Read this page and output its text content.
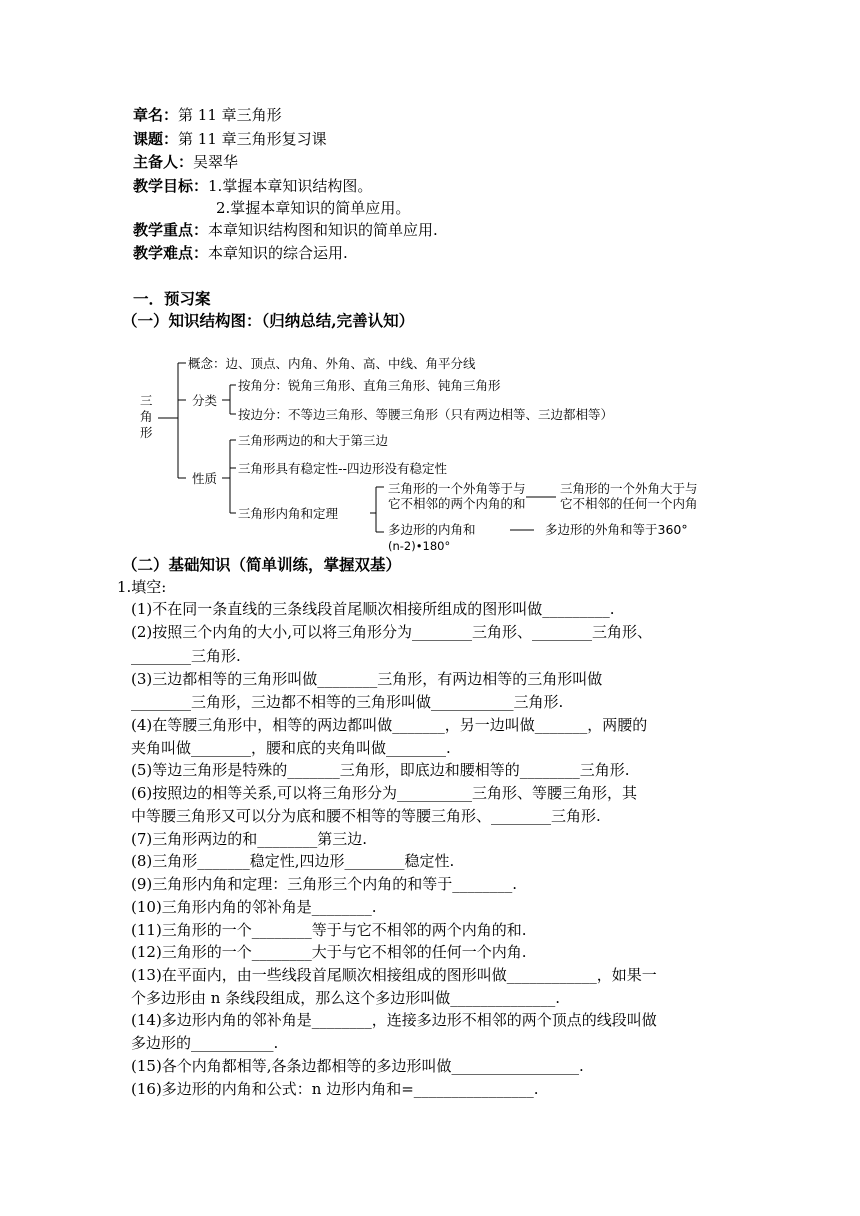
章名：第 11 章三角形
课题：第 11 章三角形复习课
主备人：吴翠华
教学目标：1.掌握本章知识结构图。
2.掌握本章知识的简单应用。
教学重点：本章知识结构图和知识的简单应用.
教学难点：本章知识的综合运用.
一．预习案
（一）知识结构图：（归纳总结,完善认知）
三角形
概念：边、顶点、内角、外角、高、中线、角平分线
分类
按角分：锐角三角形、直角三角形、钝角三角形
按边分：不等边三角形、等腰三角形（只有两边相等、三边都相等）
性质
三角形两边的和大于第三边
三角形具有稳定性--四边形没有稳定性
三角形内角和定理
三角形的一个外角等于与
它不相邻的两个内角的和
三角形的一个外角大于与
它不相邻的任何一个内角
多边形的内角和
(n-2)•180°
多边形的外角和等于360°
（二）基础知识（简单训练，掌握双基）
1.填空:
(1)不在同一条直线的三条线段首尾顺次相接所组成的图形叫做_________.
(2)按照三个内角的大小,可以将三角形分为________三角形、________三角形、
________三角形.
(3)三边都相等的三角形叫做________三角形，有两边相等的三角形叫做
________三角形，三边都不相等的三角形叫做___________三角形.
(4)在等腰三角形中，相等的两边都叫做_______，另一边叫做_______，两腰的
夹角叫做________，腰和底的夹角叫做________.
(5)等边三角形是特殊的_______三角形，即底边和腰相等的________三角形.
(6)按照边的相等关系,可以将三角形分为__________三角形、等腰三角形，其
中等腰三角形又可以分为底和腰不相等的等腰三角形、________三角形.
(7)三角形两边的和________第三边.
(8)三角形_______稳定性,四边形________稳定性.
(9)三角形内角和定理：三角形三个内角的和等于________.
(10)三角形内角的邻补角是________.
(11)三角形的一个________等于与它不相邻的两个内角的和.
(12)三角形的一个________大于与它不相邻的任何一个内角.
(13)在平面内，由一些线段首尾顺次相接组成的图形叫做____________，如果一
个多边形由 n 条线段组成，那么这个多边形叫做______________.
(14)多边形内角的邻补角是________，连接多边形不相邻的两个顶点的线段叫做
多边形的___________.
(15)各个内角都相等,各条边都相等的多边形叫做_________________.
(16)多边形的内角和公式：n 边形内角和=________________.
